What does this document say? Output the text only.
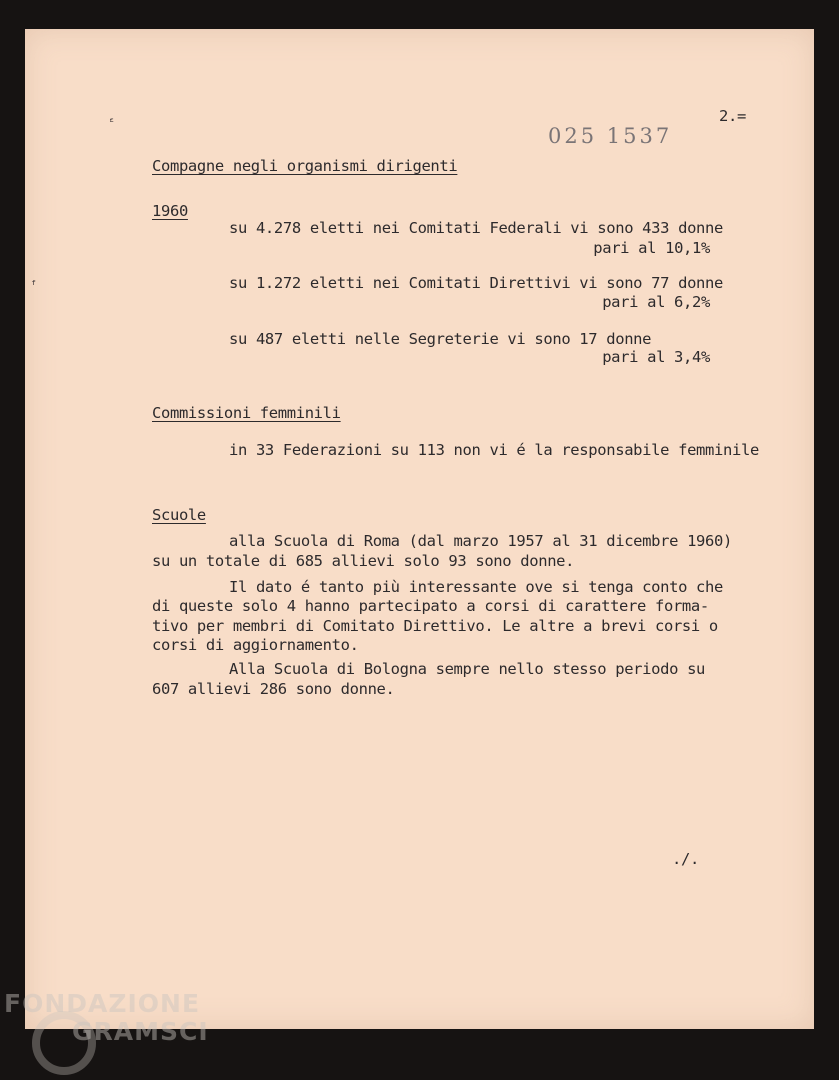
ᵋ
ᶠ
2.=
025 1537
Compagne negli organismi dirigenti
1960
su 4.278 eletti nei Comitati Federali vi sono 433 donne
pari al 10,1%
su 1.272 eletti nei Comitati Direttivi vi sono 77 donne
pari al 6,2%
su 487 eletti nelle Segreterie vi sono 17 donne
pari al 3,4%
Commissioni femminili
in 33 Federazioni su 113 non vi é la responsabile femminile
Scuole
alla Scuola di Roma (dal marzo 1957 al 31 dicembre 1960)
su un totale di 685 allievi solo 93 sono donne.
Il dato é tanto più interessante ove si tenga conto che
di queste solo 4 hanno partecipato a corsi di carattere forma-
tivo per membri di Comitato Direttivo. Le altre a brevi corsi o
corsi di aggiornamento.
Alla Scuola di Bologna sempre nello stesso periodo su
607 allievi 286 sono donne.
./.
FONDAZIONE
GRAMSCI
